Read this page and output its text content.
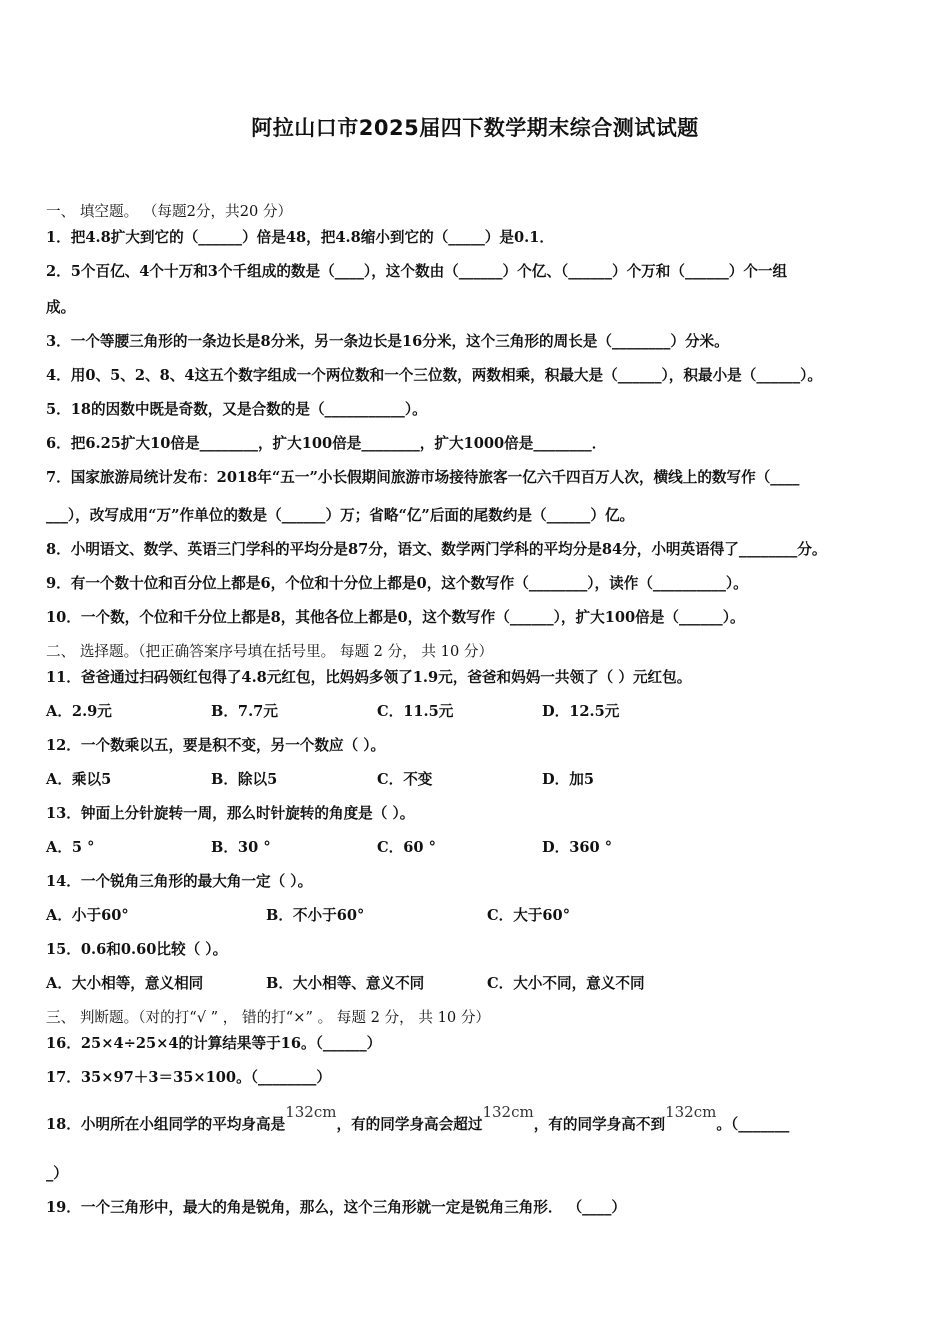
阿拉山口市2025届四下数学期末综合测试试题
一、 填空题。 （每题2分，共20 分）
1．把4.8扩大到它的（______）倍是48，把4.8缩小到它的（_____）是0.1．
2．5个百亿、4个十万和3个千组成的数是（____），这个数由（______）个亿、（______）个万和（______）个一组
成。
3．一个等腰三角形的一条边长是8分米，另一条边长是16分米，这个三角形的周长是（________）分米。
4．用0、5、2、8、4这五个数字组成一个两位数和一个三位数，两数相乘，积最大是（______），积最小是（______）。
5．18的因数中既是奇数，又是合数的是（___________）。
6．把6.25扩大10倍是________，扩大100倍是________，扩大1000倍是________．
7．国家旅游局统计发布：2018年“五一”小长假期间旅游市场接待旅客一亿六千四百万人次，横线上的数写作（____
___），改写成用“万”作单位的数是（______）万；省略“亿”后面的尾数约是（______）亿。
8．小明语文、数学、英语三门学科的平均分是87分，语文、数学两门学科的平均分是84分，小明英语得了________分。
9．有一个数十位和百分位上都是6，个位和十分位上都是0，这个数写作（________），读作（__________）。
10．一个数，个位和千分位上都是8，其他各位上都是0，这个数写作（______），扩大100倍是（______）。
二、 选择题。（把正确答案序号填在括号里。 每题 2 分， 共 10 分）
11．爸爸通过扫码领红包得了4.8元红包，比妈妈多领了1.9元，爸爸和妈妈一共领了（ ）元红包。
A．2.9元	B．7.7元	C．11.5元	D．12.5元
12．一个数乘以五，要是积不变，另一个数应（ ）。
A．乘以5	B．除以5	C．不变	D．加5
13．钟面上分针旋转一周，那么时针旋转的角度是（ ）。
A．5 °	B．30 °	C．60 °	D．360 °
14．一个锐角三角形的最大角一定（ ）。
A．小于60°	B．不小于60°	C．大于60°
15．0.6和0.60比较（ ）。
A．大小相等，意义相同	B．大小相等、意义不同	C．大小不同，意义不同
三、 判断题。（对的打“√ ” ， 错的打“×” 。 每题 2 分， 共 10 分）
16．25×4÷25×4的计算结果等于16。（______）
17．35×97＋3＝35×100。（________）
18．小明所在小组同学的平均身高是132cm，有的同学身高会超过132cm，有的同学身高不到132cm。（_______
_）
19．一个三角形中，最大的角是锐角，那么，这个三角形就一定是锐角三角形． （____）
